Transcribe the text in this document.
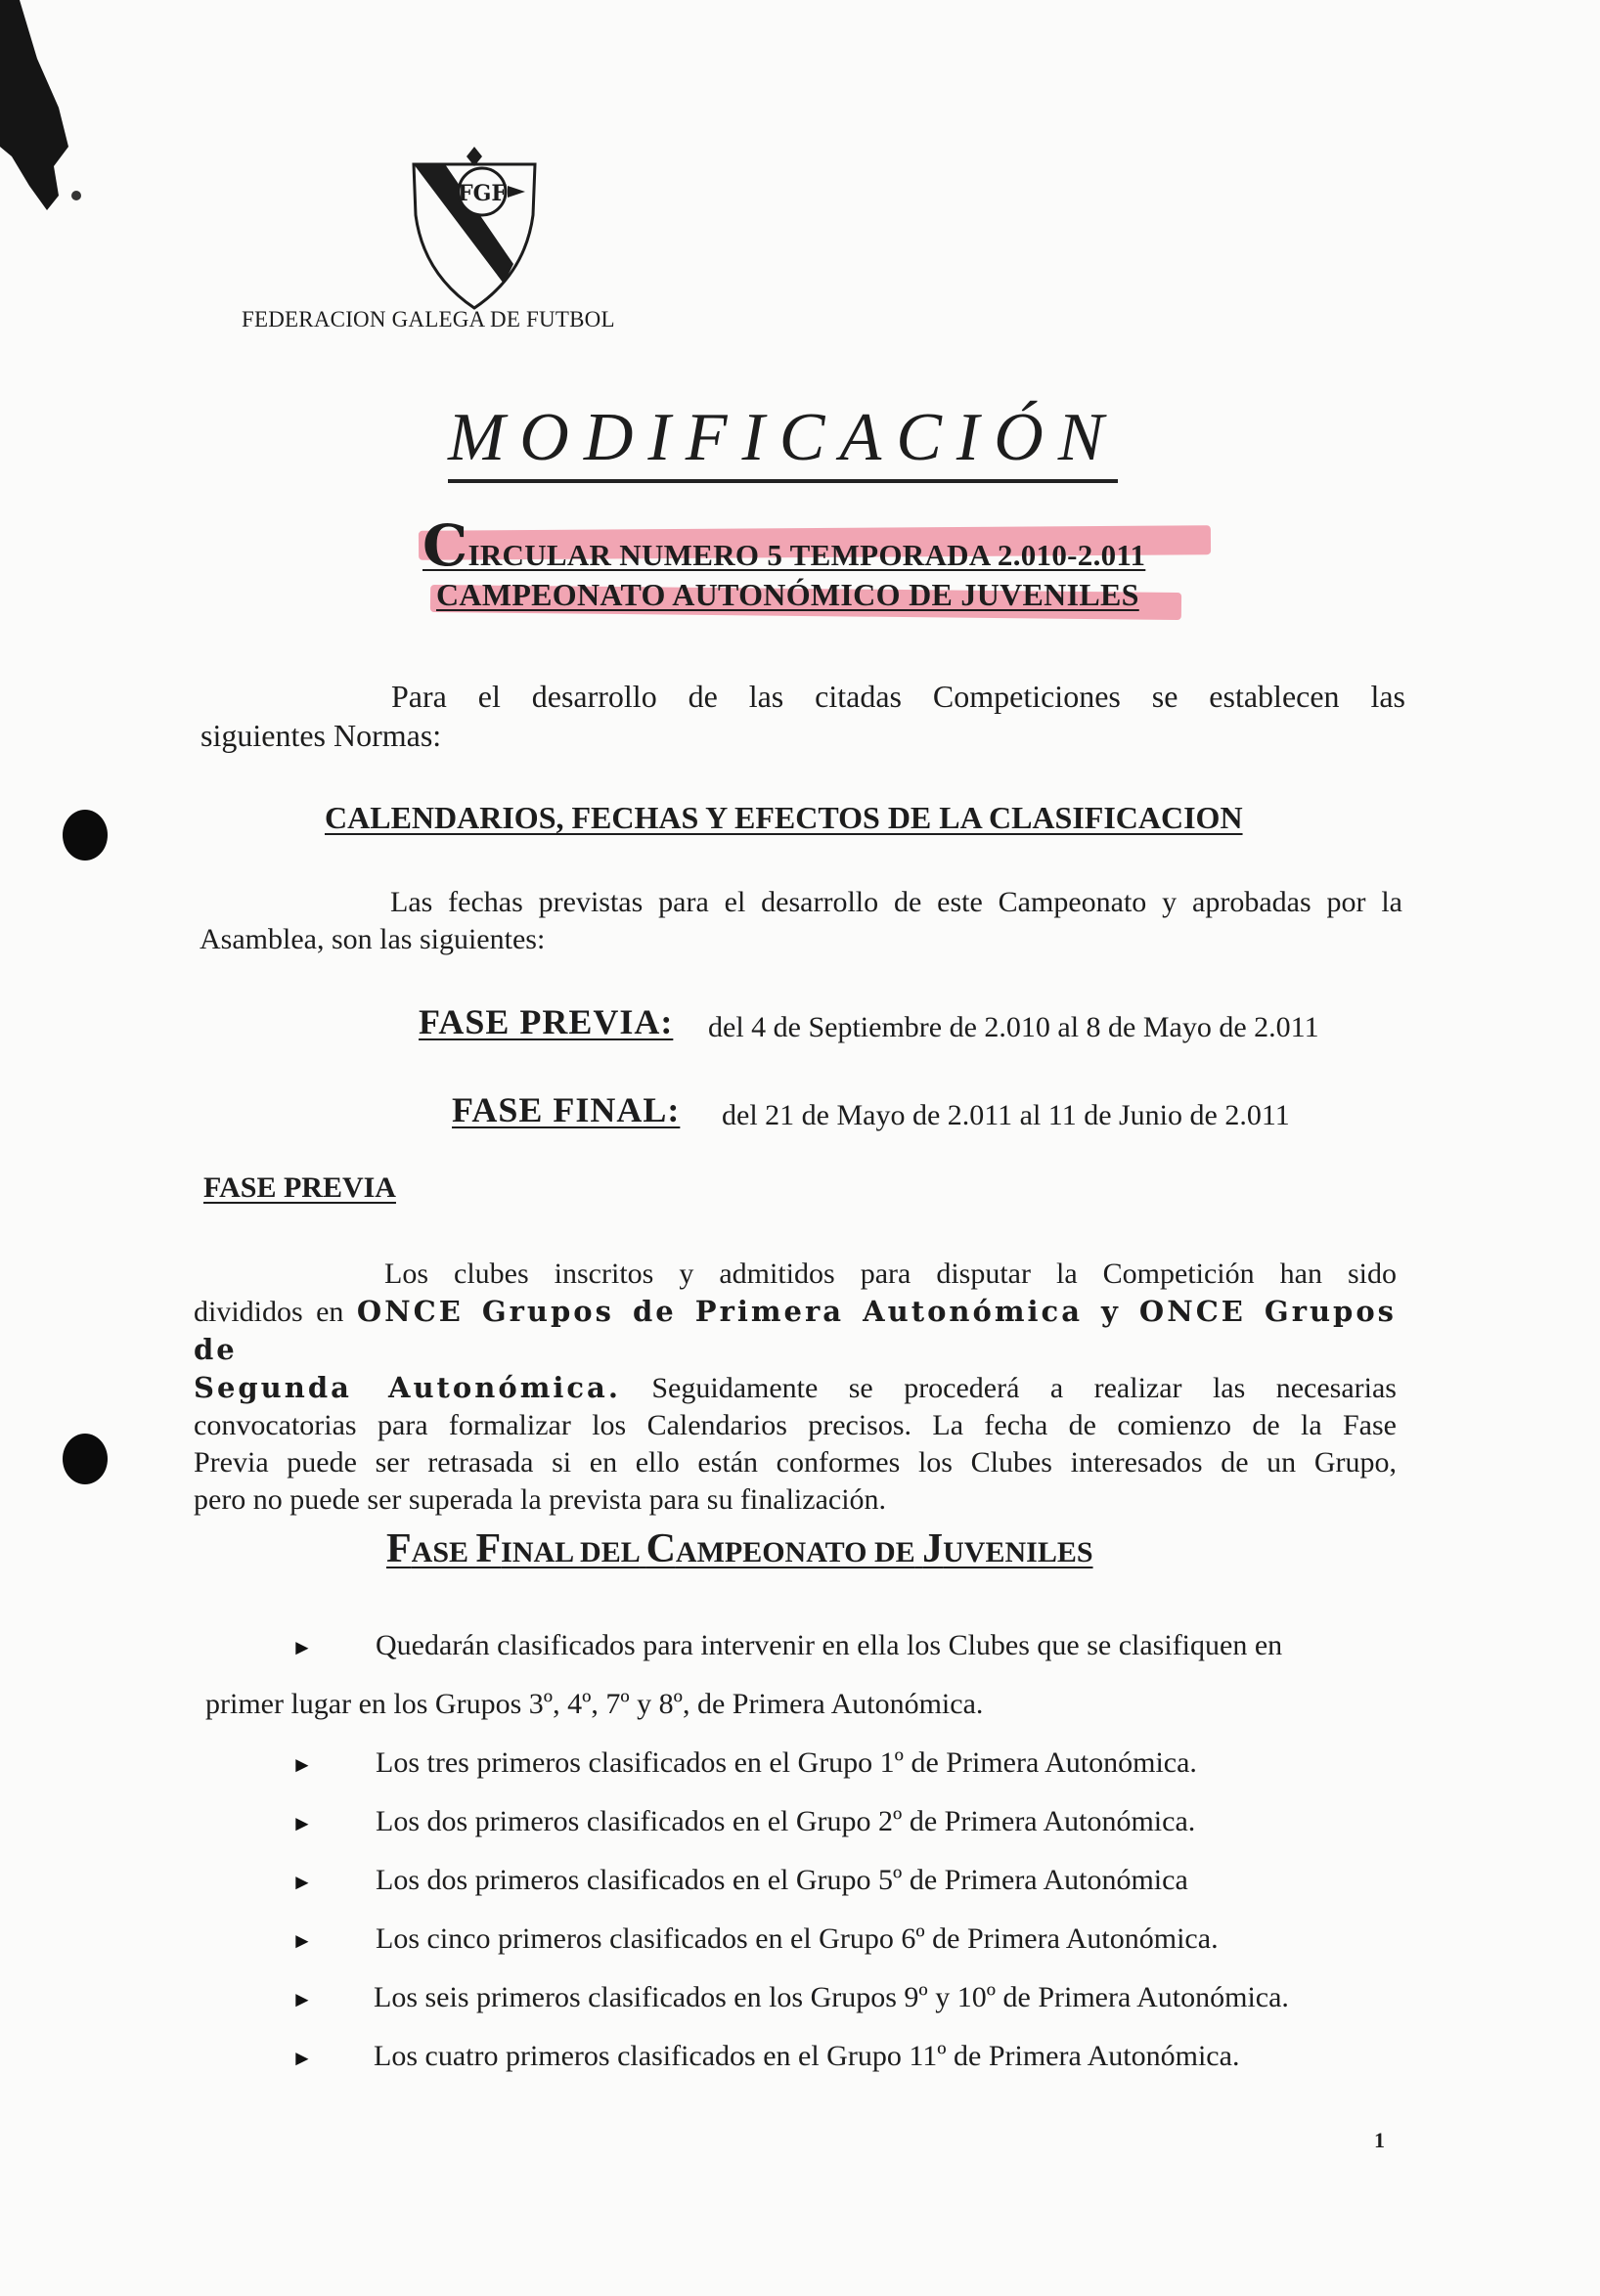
FGF
FEDERACION GALEGA DE FUTBOL
MODIFICACIÓN
CIRCULAR NUMERO 5 TEMPORADA 2.010-2.011
CAMPEONATO AUTONÓMICO DE JUVENILES
Para el desarrollo de las citadas Competiciones se establecen las
siguientes Normas:
CALENDARIOS, FECHAS Y EFECTOS DE LA CLASIFICACION
Las fechas previstas para el desarrollo de este Campeonato y aprobadas por la
Asamblea, son las siguientes:
FASE PREVIA: del 4 de Septiembre de 2.010 al 8 de Mayo de 2.011
FASE FINAL: del 21 de Mayo de 2.011 al 11 de Junio de 2.011
FASE PREVIA
Los clubes inscritos y admitidos para disputar la Competición han sido
divididos en ONCE Grupos de Primera Autonómica y ONCE Grupos de
Segunda Autonómica. Seguidamente se procederá a realizar las necesarias
convocatorias para formalizar los Calendarios precisos. La fecha de comienzo de la Fase
Previa puede ser retrasada si en ello están conformes los Clubes interesados de un Grupo,
pero no puede ser superada la prevista para su finalización.
FASE FINAL DEL CAMPEONATO DE JUVENILES
► Quedarán clasificados para intervenir en ella los Clubes que se clasifiquen en
primer lugar en los Grupos 3º, 4º, 7º y 8º, de Primera Autonómica.
► Los tres primeros clasificados en el Grupo 1º de Primera Autonómica.
► Los dos primeros clasificados en el Grupo 2º de Primera Autonómica.
► Los dos primeros clasificados en el Grupo 5º de Primera Autonómica
► Los cinco primeros clasificados en el Grupo 6º de Primera Autonómica.
► Los seis primeros clasificados en los Grupos 9º y 10º de Primera Autonómica.
► Los cuatro primeros clasificados en el Grupo 11º de Primera Autonómica.
1
